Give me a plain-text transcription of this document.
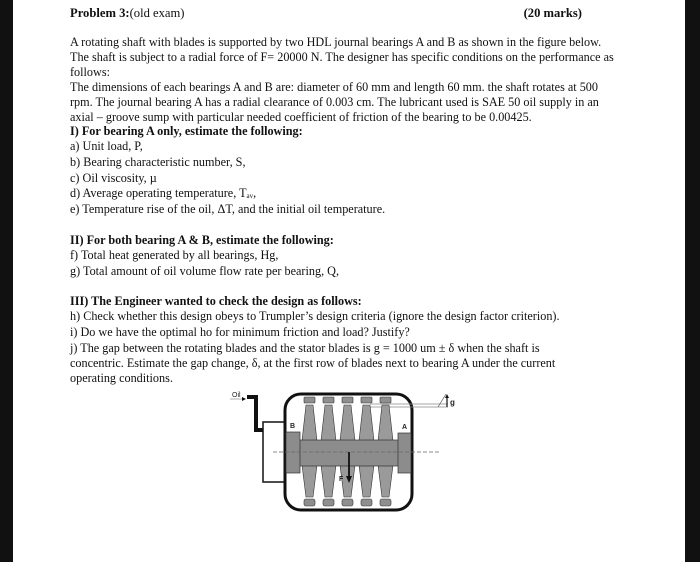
Problem 3:(old exam)	(20 marks)
A rotating shaft with blades is supported by two HDL journal bearings A and B as shown in the figure below.
The shaft is subject to a radial force of F= 20000 N. The designer has specific conditions on the performance as
follows:
The dimensions of each bearings A and B are: diameter of 60 mm and length 60 mm. the shaft rotates at 500
rpm. The journal bearing A has a radial clearance of 0.003 cm. The lubricant used is SAE 50 oil supply in an
axial – groove sump with particular needed coefficient of friction of the bearing to be 0.00425.
I) For bearing A only, estimate the following:
a) Unit load, P,
b) Bearing characteristic number, S,
c) Oil viscosity, µ
d) Average operating temperature, Tav,
e) Temperature rise of the oil, ΔT, and the initial oil temperature.
II) For both bearing A & B, estimate the following:
f) Total heat generated by all bearings, Hg,
g) Total amount of oil volume flow rate per bearing, Q,
III) The Engineer wanted to check the design as follows:
h) Check whether this design obeys to Trumpler’s design criteria (ignore the design factor criterion).
i) Do we have the optimal ho for minimum friction and load? Justify?
j) The gap between the rotating blades and the stator blades is g = 1000 um ± δ when the shaft is
concentric. Estimate the gap change, δ, at the first row of blades next to bearing A under the current
operating conditions.
Oil
g
B	A
F
